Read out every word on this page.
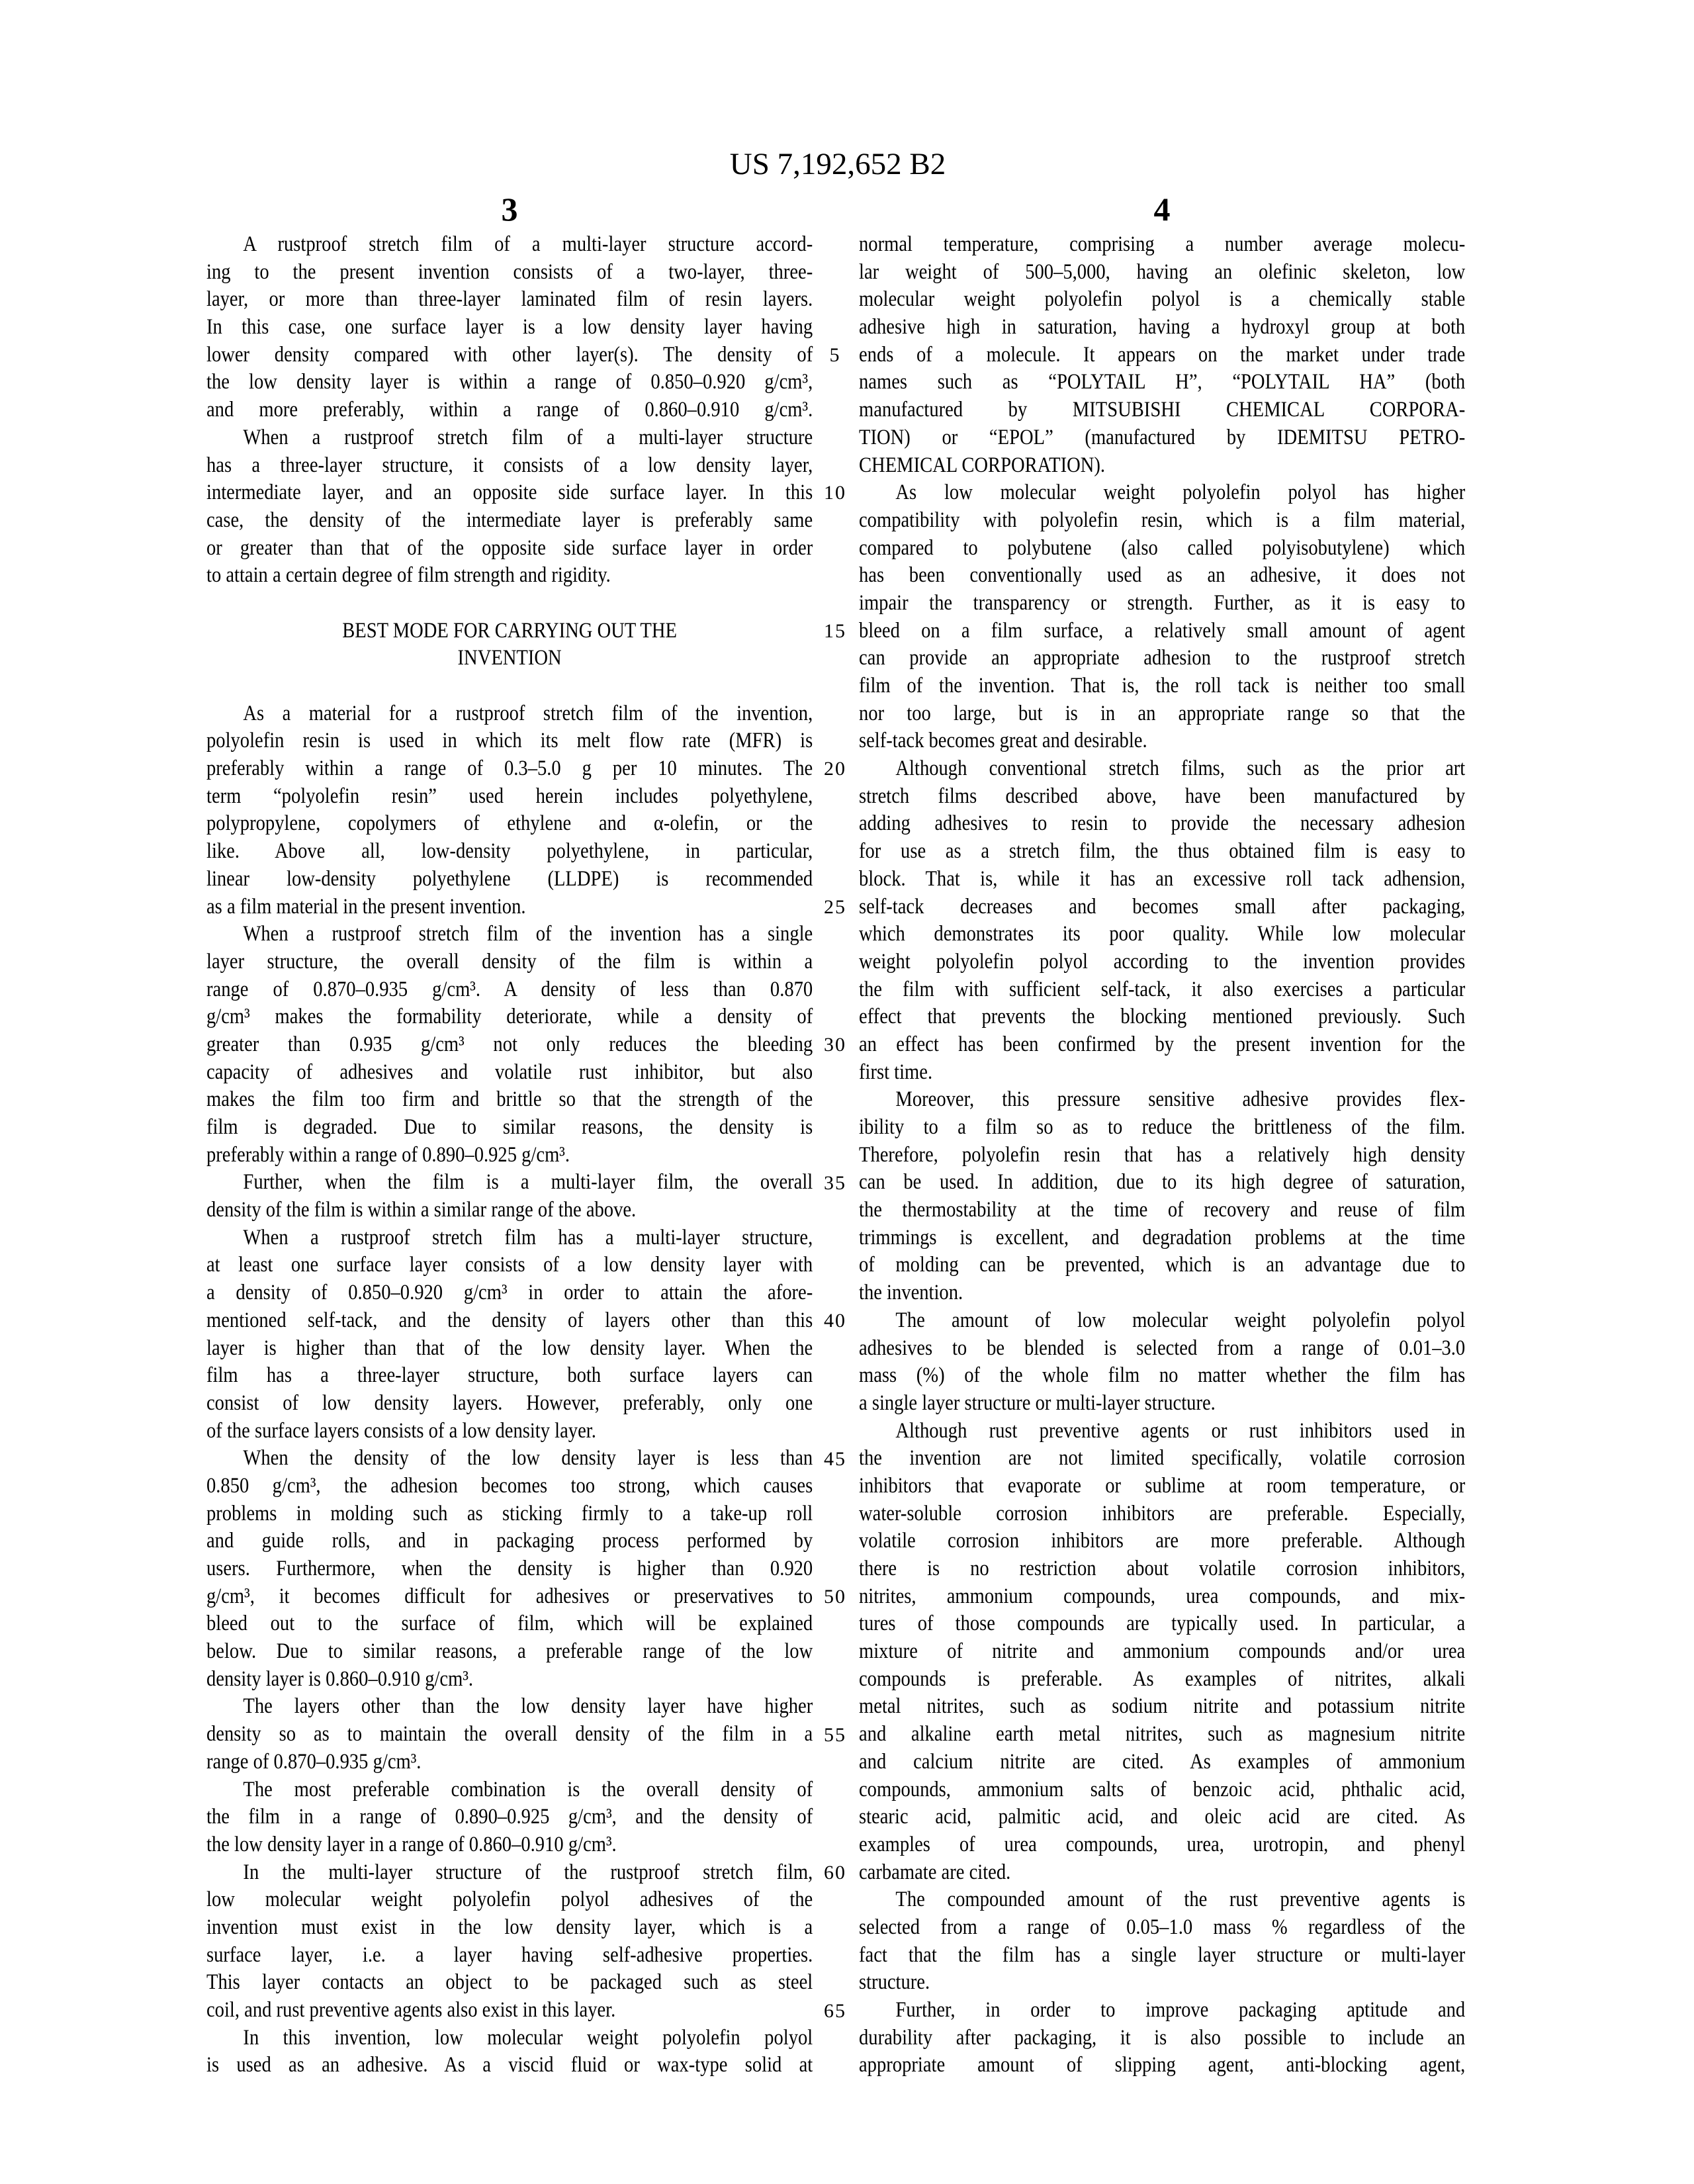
US 7,192,652 B2
3	4
A rustproof stretch film of a multi-layer structure accord-
ing to the present invention consists of a two-layer, three-
layer, or more than three-layer laminated film of resin layers.
In this case, one surface layer is a low density layer having
lower density compared with other layer(s). The density of
the low density layer is within a range of 0.850–0.920 g/cm³,
and more preferably, within a range of 0.860–0.910 g/cm³.
When a rustproof stretch film of a multi-layer structure
has a three-layer structure, it consists of a low density layer,
intermediate layer, and an opposite side surface layer. In this
case, the density of the intermediate layer is preferably same
or greater than that of the opposite side surface layer in order
to attain a certain degree of film strength and rigidity.
BEST MODE FOR CARRYING OUT THE
INVENTION
As a material for a rustproof stretch film of the invention,
polyolefin resin is used in which its melt flow rate (MFR) is
preferably within a range of 0.3–5.0 g per 10 minutes. The
term “polyolefin resin” used herein includes polyethylene,
polypropylene, copolymers of ethylene and α-olefin, or the
like. Above all, low-density polyethylene, in particular,
linear low-density polyethylene (LLDPE) is recommended
as a film material in the present invention.
When a rustproof stretch film of the invention has a single
layer structure, the overall density of the film is within a
range of 0.870–0.935 g/cm³. A density of less than 0.870
g/cm³ makes the formability deteriorate, while a density of
greater than 0.935 g/cm³ not only reduces the bleeding
capacity of adhesives and volatile rust inhibitor, but also
makes the film too firm and brittle so that the strength of the
film is degraded. Due to similar reasons, the density is
preferably within a range of 0.890–0.925 g/cm³.
Further, when the film is a multi-layer film, the overall
density of the film is within a similar range of the above.
When a rustproof stretch film has a multi-layer structure,
at least one surface layer consists of a low density layer with
a density of 0.850–0.920 g/cm³ in order to attain the afore-
mentioned self-tack, and the density of layers other than this
layer is higher than that of the low density layer. When the
film has a three-layer structure, both surface layers can
consist of low density layers. However, preferably, only one
of the surface layers consists of a low density layer.
When the density of the low density layer is less than
0.850 g/cm³, the adhesion becomes too strong, which causes
problems in molding such as sticking firmly to a take-up roll
and guide rolls, and in packaging process performed by
users. Furthermore, when the density is higher than 0.920
g/cm³, it becomes difficult for adhesives or preservatives to
bleed out to the surface of film, which will be explained
below. Due to similar reasons, a preferable range of the low
density layer is 0.860–0.910 g/cm³.
The layers other than the low density layer have higher
density so as to maintain the overall density of the film in a
range of 0.870–0.935 g/cm³.
The most preferable combination is the overall density of
the film in a range of 0.890–0.925 g/cm³, and the density of
the low density layer in a range of 0.860–0.910 g/cm³.
In the multi-layer structure of the rustproof stretch film,
low molecular weight polyolefin polyol adhesives of the
invention must exist in the low density layer, which is a
surface layer, i.e. a layer having self-adhesive properties.
This layer contacts an object to be packaged such as steel
coil, and rust preventive agents also exist in this layer.
In this invention, low molecular weight polyolefin polyol
is used as an adhesive. As a viscid fluid or wax-type solid at
5
10
15
20
25
30
35
40
45
50
55
60
65
normal temperature, comprising a number average molecu-
lar weight of 500–5,000, having an olefinic skeleton, low
molecular weight polyolefin polyol is a chemically stable
adhesive high in saturation, having a hydroxyl group at both
ends of a molecule. It appears on the market under trade
names such as “POLYTAIL H”, “POLYTAIL HA” (both
manufactured by MITSUBISHI CHEMICAL CORPORA-
TION) or “EPOL” (manufactured by IDEMITSU PETRO-
CHEMICAL CORPORATION).
As low molecular weight polyolefin polyol has higher
compatibility with polyolefin resin, which is a film material,
compared to polybutene (also called polyisobutylene) which
has been conventionally used as an adhesive, it does not
impair the transparency or strength. Further, as it is easy to
bleed on a film surface, a relatively small amount of agent
can provide an appropriate adhesion to the rustproof stretch
film of the invention. That is, the roll tack is neither too small
nor too large, but is in an appropriate range so that the
self-tack becomes great and desirable.
Although conventional stretch films, such as the prior art
stretch films described above, have been manufactured by
adding adhesives to resin to provide the necessary adhesion
for use as a stretch film, the thus obtained film is easy to
block. That is, while it has an excessive roll tack adhension,
self-tack decreases and becomes small after packaging,
which demonstrates its poor quality. While low molecular
weight polyolefin polyol according to the invention provides
the film with sufficient self-tack, it also exercises a particular
effect that prevents the blocking mentioned previously. Such
an effect has been confirmed by the present invention for the
first time.
Moreover, this pressure sensitive adhesive provides flex-
ibility to a film so as to reduce the brittleness of the film.
Therefore, polyolefin resin that has a relatively high density
can be used. In addition, due to its high degree of saturation,
the thermostability at the time of recovery and reuse of film
trimmings is excellent, and degradation problems at the time
of molding can be prevented, which is an advantage due to
the invention.
The amount of low molecular weight polyolefin polyol
adhesives to be blended is selected from a range of 0.01–3.0
mass (%) of the whole film no matter whether the film has
a single layer structure or multi-layer structure.
Although rust preventive agents or rust inhibitors used in
the invention are not limited specifically, volatile corrosion
inhibitors that evaporate or sublime at room temperature, or
water-soluble corrosion inhibitors are preferable. Especially,
volatile corrosion inhibitors are more preferable. Although
there is no restriction about volatile corrosion inhibitors,
nitrites, ammonium compounds, urea compounds, and mix-
tures of those compounds are typically used. In particular, a
mixture of nitrite and ammonium compounds and/or urea
compounds is preferable. As examples of nitrites, alkali
metal nitrites, such as sodium nitrite and potassium nitrite
and alkaline earth metal nitrites, such as magnesium nitrite
and calcium nitrite are cited. As examples of ammonium
compounds, ammonium salts of benzoic acid, phthalic acid,
stearic acid, palmitic acid, and oleic acid are cited. As
examples of urea compounds, urea, urotropin, and phenyl
carbamate are cited.
The compounded amount of the rust preventive agents is
selected from a range of 0.05–1.0 mass % regardless of the
fact that the film has a single layer structure or multi-layer
structure.
Further, in order to improve packaging aptitude and
durability after packaging, it is also possible to include an
appropriate amount of slipping agent, anti-blocking agent,
